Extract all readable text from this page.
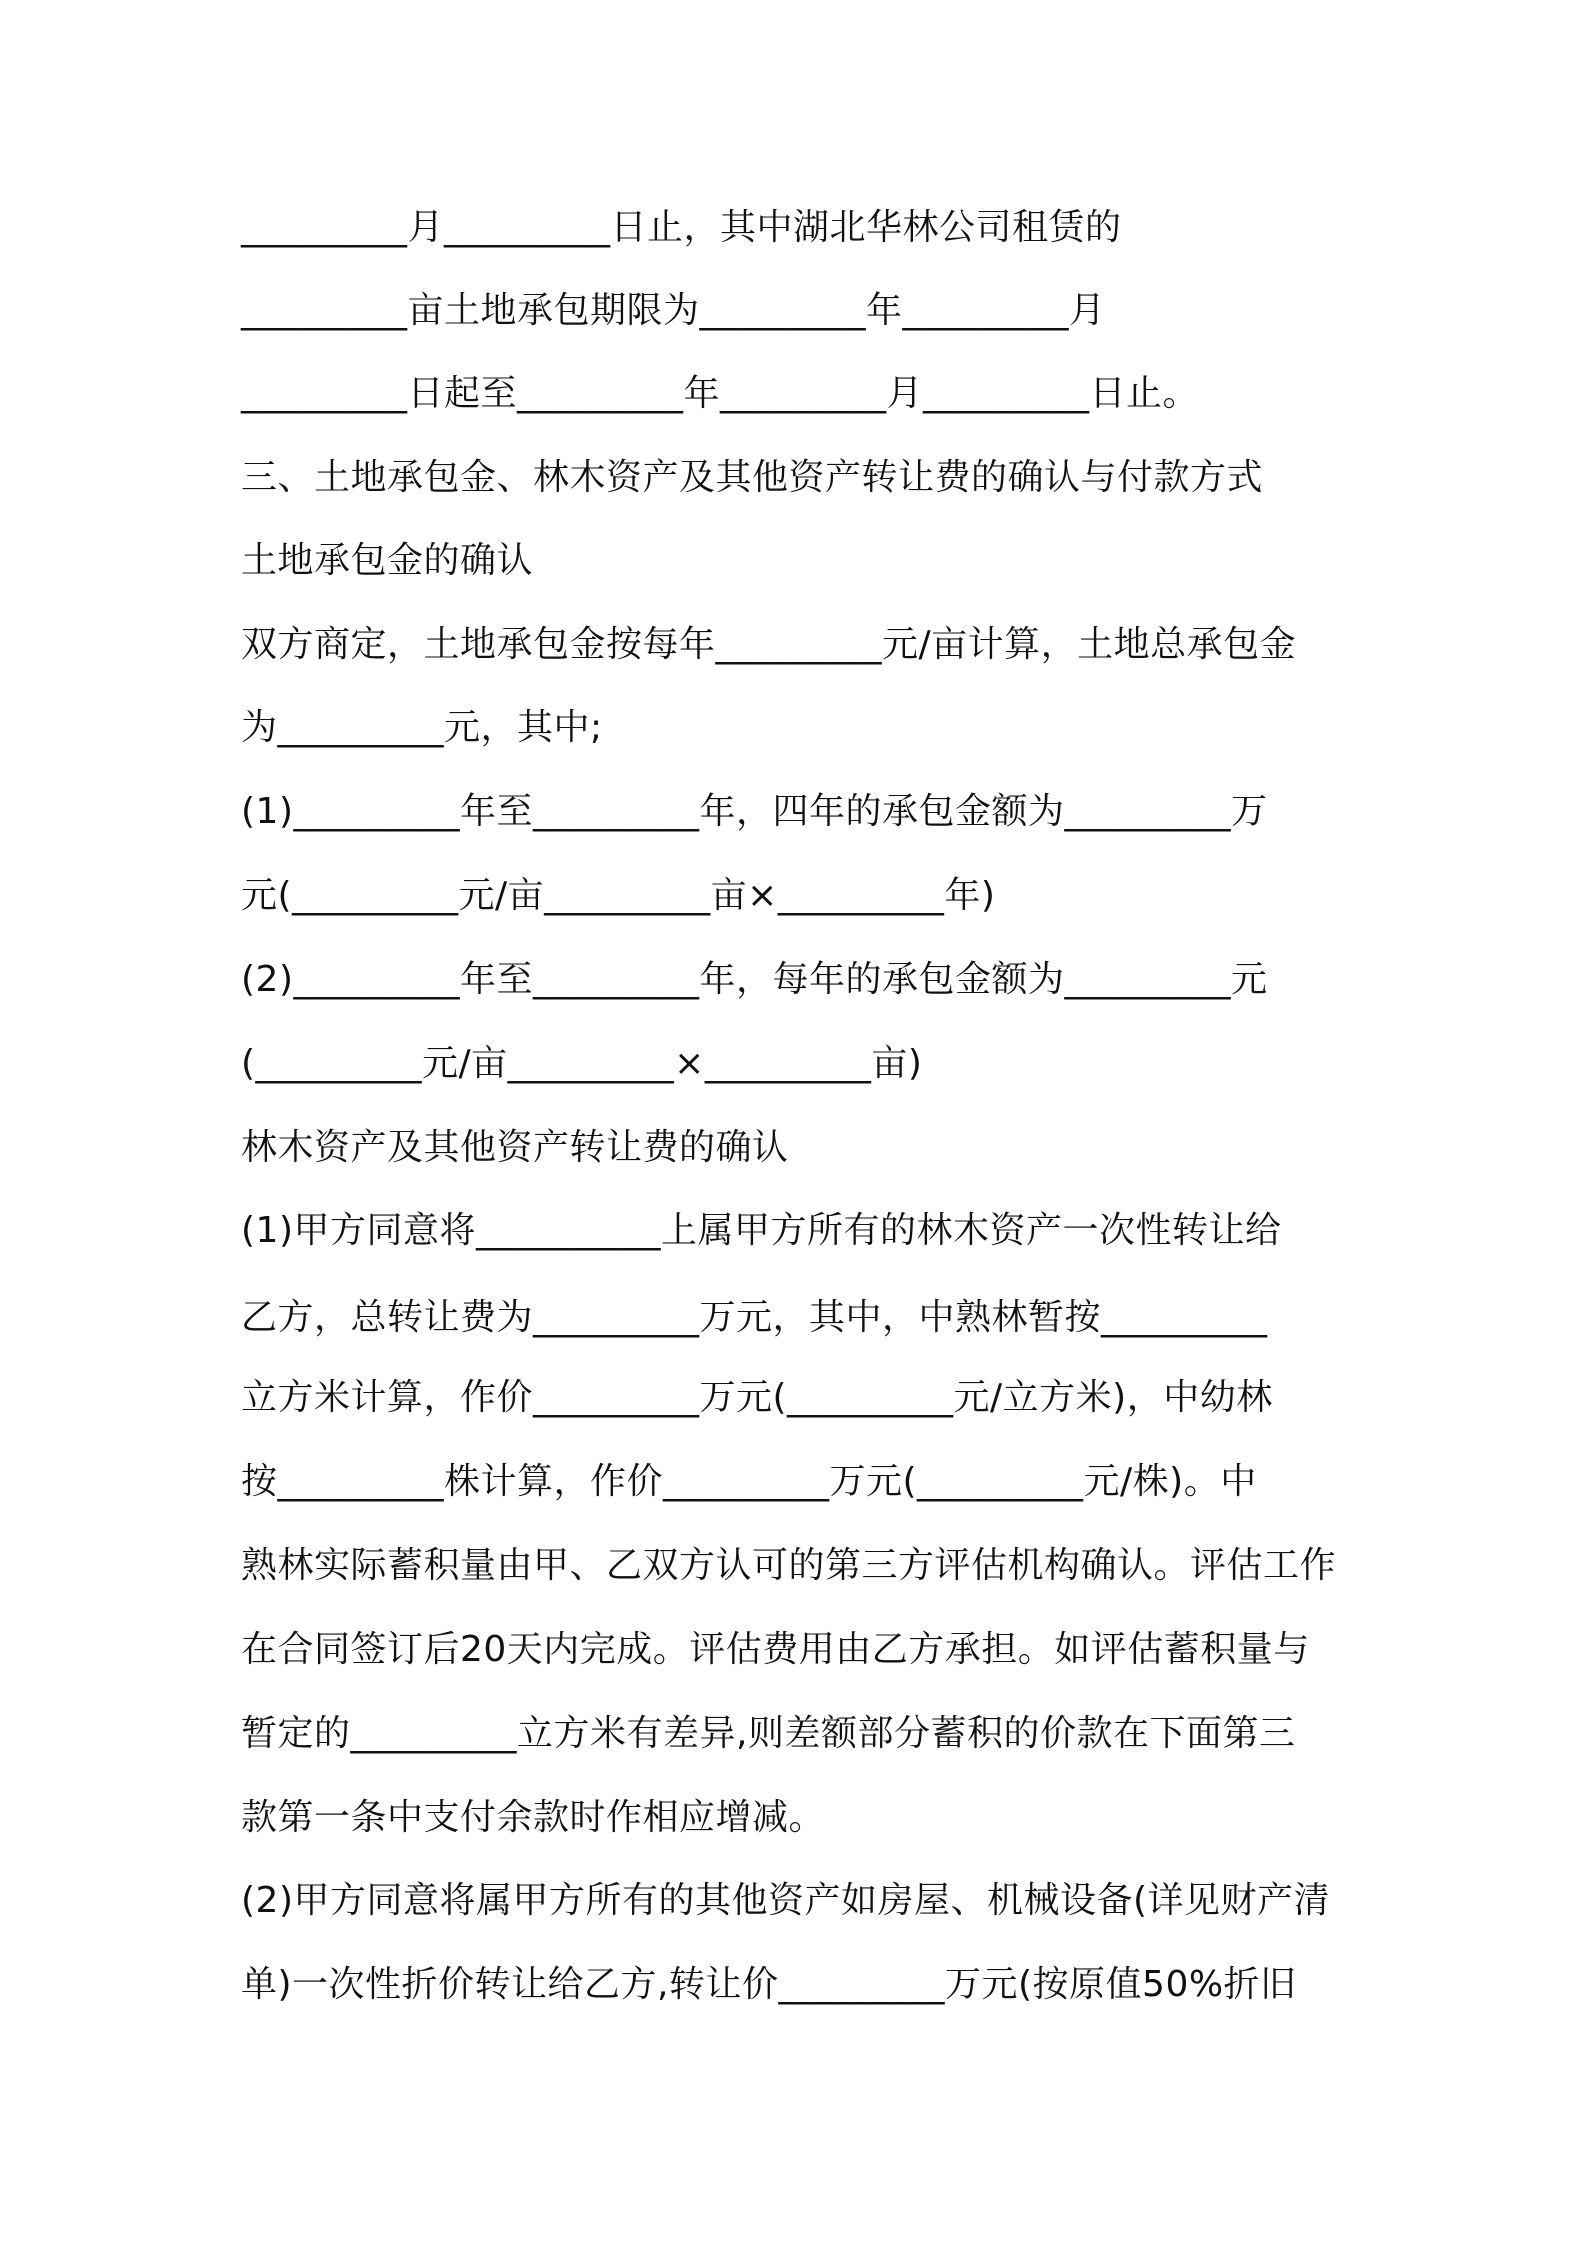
_________月_________日止，其中湖北华林公司租赁的
_________亩土地承包期限为_________年_________月
_________日起至_________年_________月_________日止。
三、土地承包金、林木资产及其他资产转让费的确认与付款方式
土地承包金的确认
双方商定，土地承包金按每年_________元/亩计算，土地总承包金
为_________元，其中;
(1)_________年至_________年，四年的承包金额为_________万
元(_________元/亩_________亩×_________年)
(2)_________年至_________年，每年的承包金额为_________元
(_________元/亩_________×_________亩)
林木资产及其他资产转让费的确认
(1)甲方同意将__________上属甲方所有的林木资产一次性转让给
乙方，总转让费为_________万元，其中，中熟林暂按_________
立方米计算，作价_________万元(_________元/立方米)，中幼林
按_________株计算，作价_________万元(_________元/株)。中
熟林实际蓄积量由甲、乙双方认可的第三方评估机构确认。评估工作
在合同签订后20天内完成。评估费用由乙方承担。如评估蓄积量与
暂定的_________立方米有差异,则差额部分蓄积的价款在下面第三
款第一条中支付余款时作相应增减。
(2)甲方同意将属甲方所有的其他资产如房屋、机械设备(详见财产清
单)一次性折价转让给乙方,转让价_________万元(按原值50%折旧
